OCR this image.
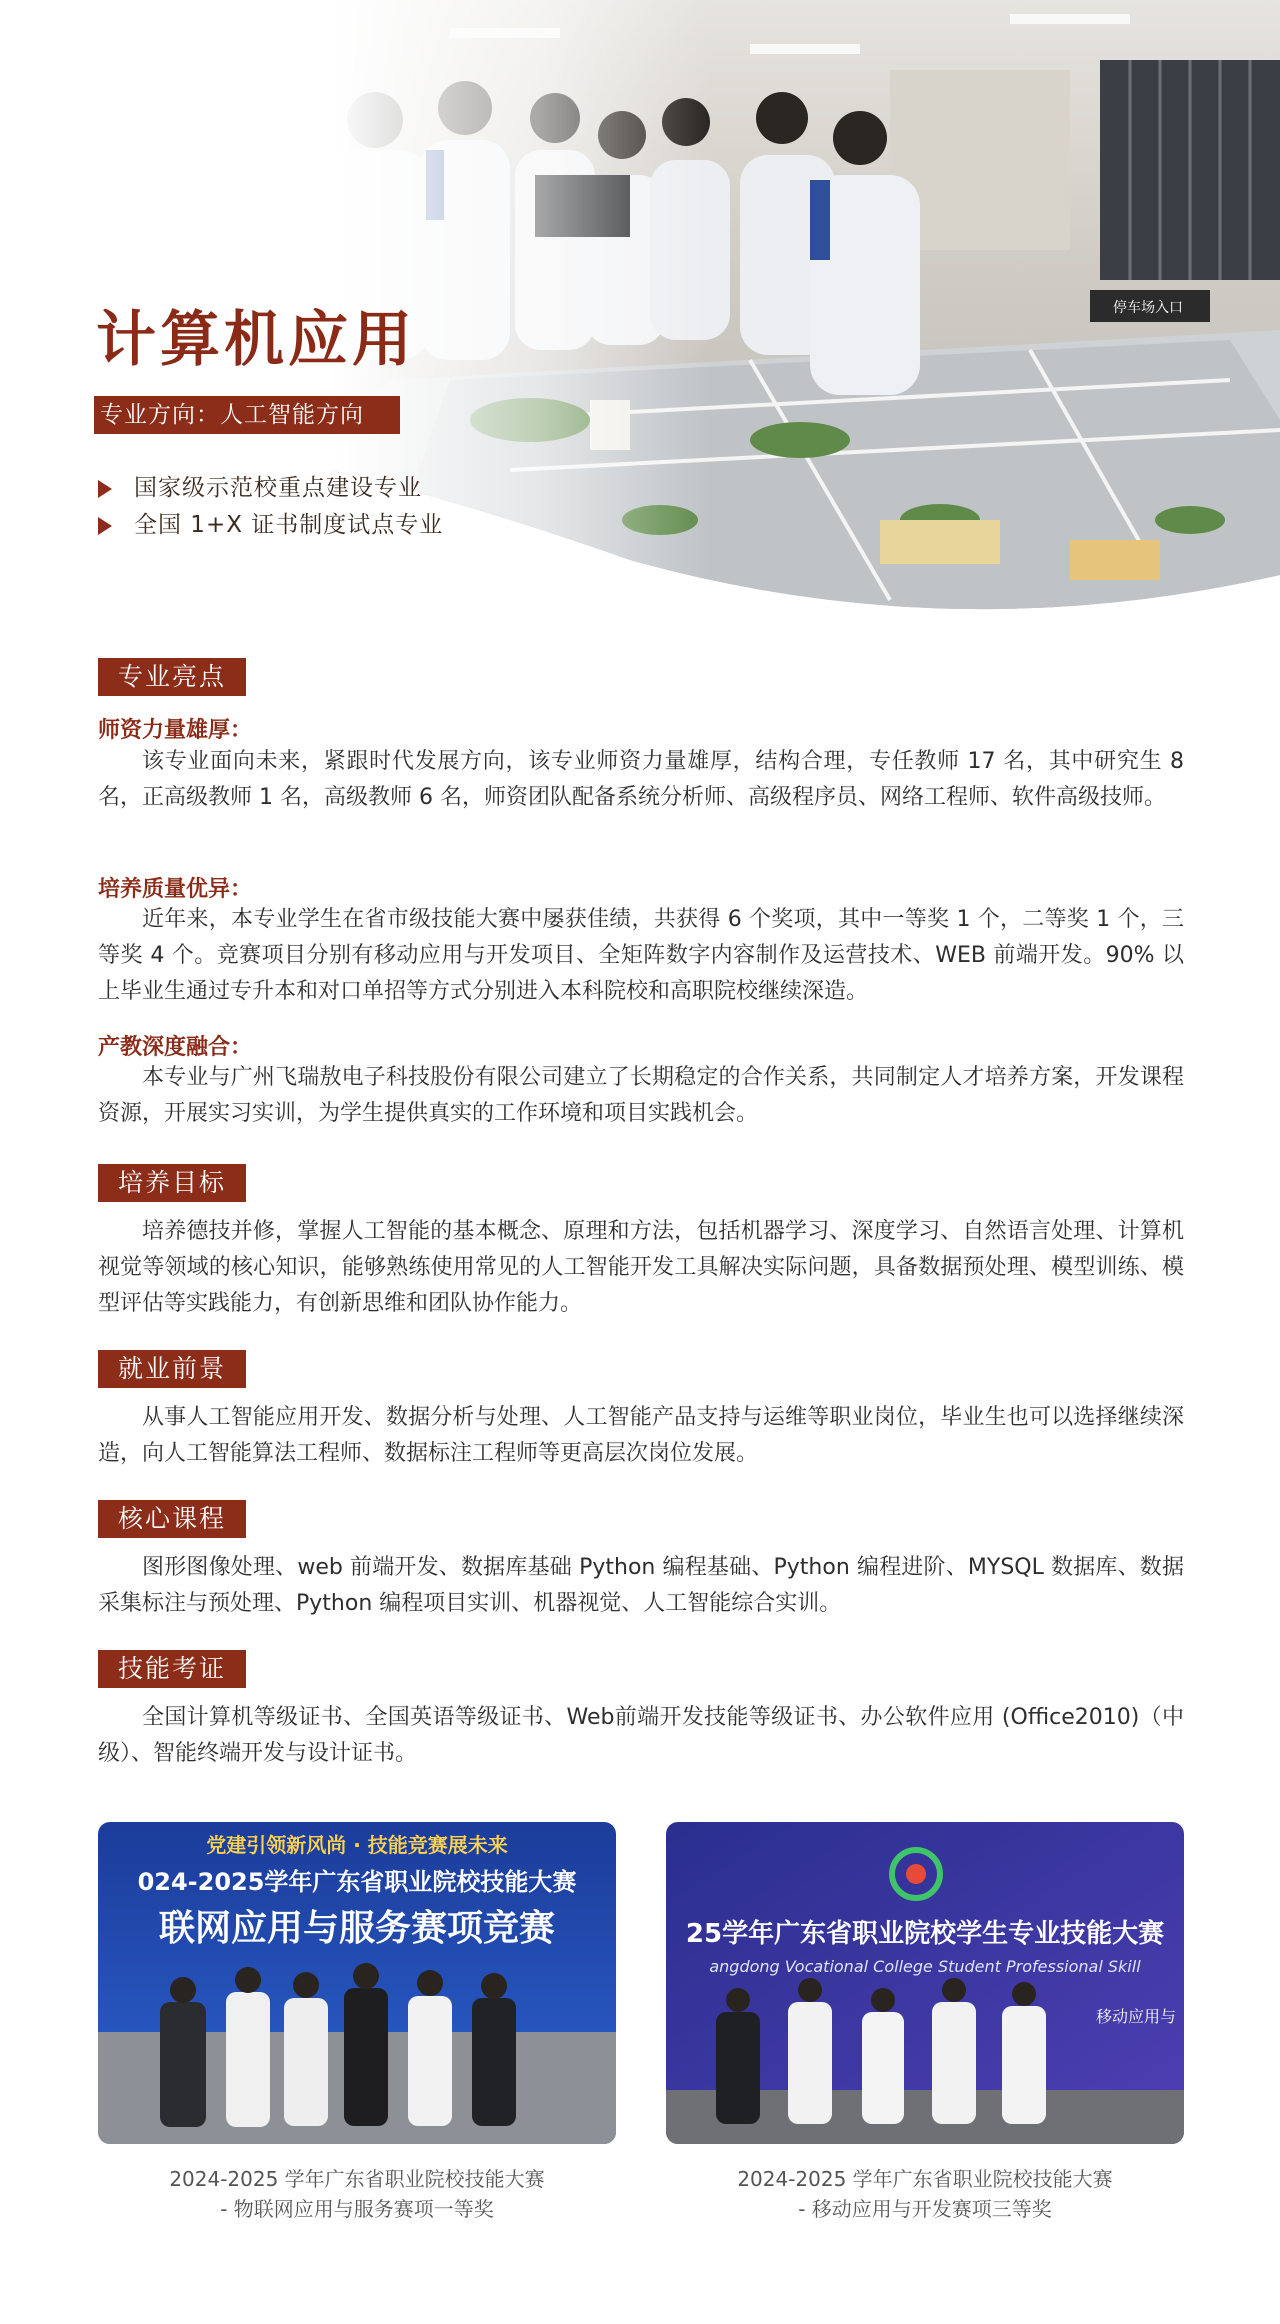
计算机应用
专业方向：人工智能方向
国家级示范校重点建设专业
全国 1+X 证书制度试点专业
专业亮点
师资力量雄厚：

该专业面向未来，紧跟时代发展方向，该专业师资力量雄厚，结构合理，专任教师 17 名，其中研究生 8 名，正高级教师 1 名，高级教师 6 名，师资团队配备系统分析师、高级程序员、网络工程师、软件高级技师。

培养质量优异：

近年来，本专业学生在省市级技能大赛中屡获佳绩，共获得 6 个奖项，其中一等奖 1 个，二等奖 1 个，三等奖 4 个。竞赛项目分别有移动应用与开发项目、全矩阵数字内容制作及运营技术、WEB 前端开发。90% 以上毕业生通过专升本和对口单招等方式分别进入本科院校和高职院校继续深造。

产教深度融合：

本专业与广州飞瑞敖电子科技股份有限公司建立了长期稳定的合作关系，共同制定人才培养方案，开发课程资源，开展实习实训，为学生提供真实的工作环境和项目实践机会。

培养目标

培养德技并修，掌握人工智能的基本概念、原理和方法，包括机器学习、深度学习、自然语言处理、计算机视觉等领域的核心知识，能够熟练使用常见的人工智能开发工具解决实际问题，具备数据预处理、模型训练、模型评估等实践能力，有创新思维和团队协作能力。

就业前景

从事人工智能应用开发、数据分析与处理、人工智能产品支持与运维等职业岗位，毕业生也可以选择继续深造，向人工智能算法工程师、数据标注工程师等更高层次岗位发展。

核心课程

图形图像处理、web 前端开发、数据库基础 Python 编程基础、Python 编程进阶、MYSQL 数据库、数据采集标注与预处理、Python 编程项目实训、机器视觉、人工智能综合实训。

技能考证

全国计算机等级证书、全国英语等级证书、Web前端开发技能等级证书、办公软件应用 (Office2010)（中级）、智能终端开发与设计证书。

党建引领新风尚 · 技能竞赛展未来
024-2025学年广东省职业院校技能大赛
联网应用与服务赛项竞赛
2024-2025 学年广东省职业院校技能大赛
- 物联网应用与服务赛项一等奖
25学年广东省职业院校学生专业技能大赛
angdong Vocational College Student Professional Skill
移动应用与
2024-2025 学年广东省职业院校技能大赛
- 移动应用与开发赛项三等奖
